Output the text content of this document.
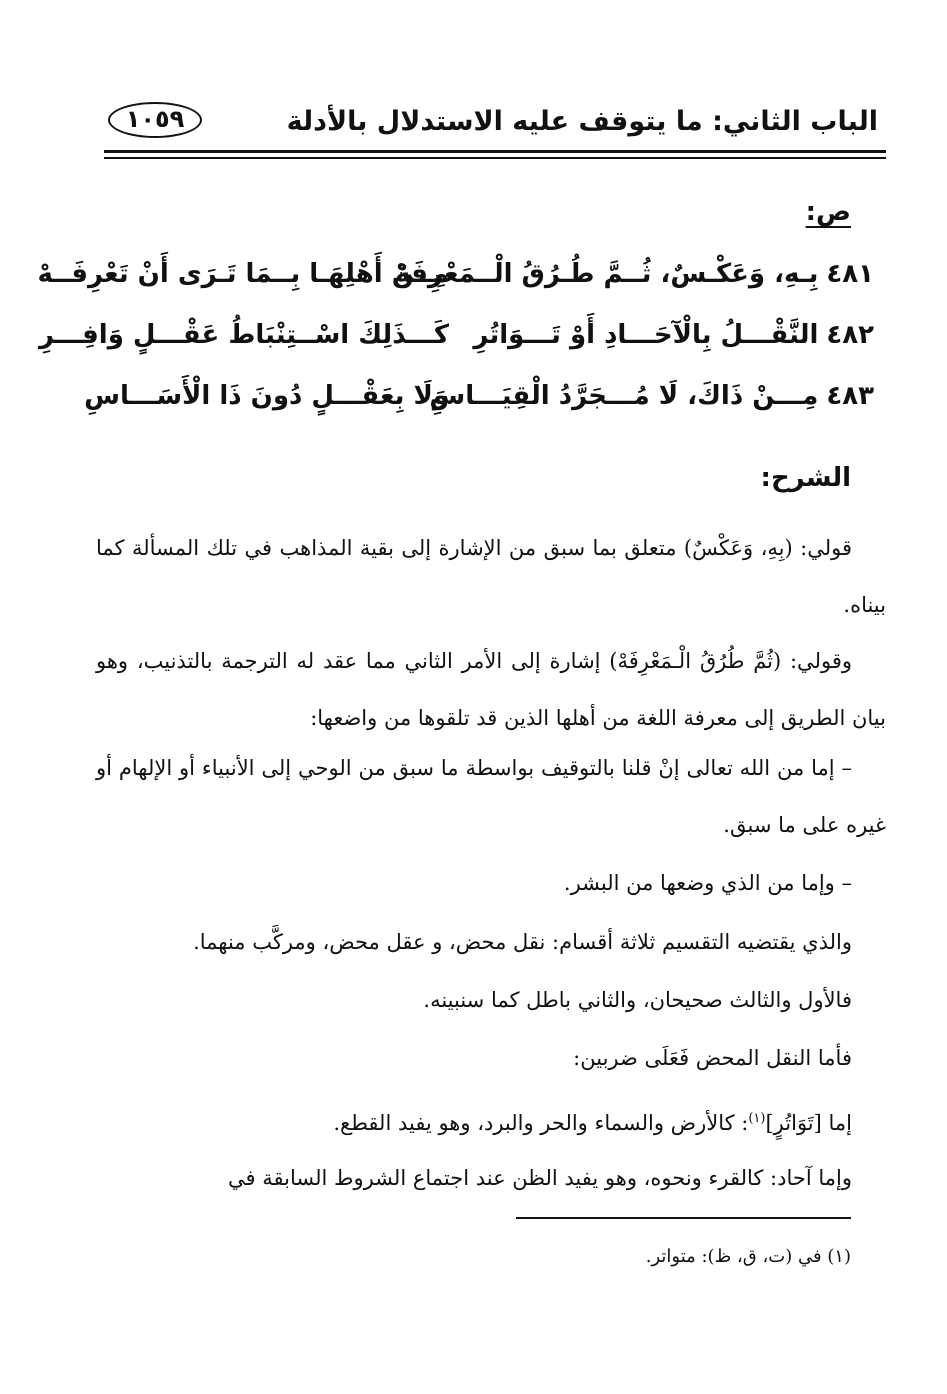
الباب الثاني: ما يتوقف عليه الاستدلال بالأدلة
١٠٥٩
ص:
٤٨١بِـهِ، وَعَكْـسٌ، ثُــمَّ طُـرُقُ الْــمَعْرِفَهْ
مِــنْ أَهْلِهَـا بِــمَا تَـرَى أَنْ تَعْرِفَــهْ
٤٨٢النَّقْـــلُ بِالْآحَـــادِ أَوْ تَـــوَاتُرِ
كَـــذَلِكَ اسْــتِنْبَاطُ عَقْـــلٍ وَافِـــرِ
٤٨٣مِـــنْ ذَاكَ، لَا مُـــجَرَّدُ الْقِيَـــاسِ
وَلَا بِعَقْـــلٍ دُونَ ذَا الْأَسَـــاسِ
الشرح:

قولي: (بِهِ، وَعَكْسٌ) متعلق بما سبق من الإشارة إلى بقية المذاهب في تلك المسألة كما بيناه.

وقولي: (ثُمَّ طُرُقُ الْـمَعْرِفَهْ) إشارة إلى الأمر الثاني مما عقد له الترجمة بالتذنيب، وهو بيان الطريق إلى معرفة اللغة من أهلها الذين قد تلقوها من واضعها:

– إما من الله تعالى إنْ قلنا بالتوقيف بواسطة ما سبق من الوحي إلى الأنبياء أو الإلهام أو غيره على ما سبق.

– وإما من الذي وضعها من البشر.

والذي يقتضيه التقسيم ثلاثة أقسام: نقل محض، و عقل محض، ومركَّب منهما.

فالأول والثالث صحيحان، والثاني باطل كما سنبينه.

فأما النقل المحض فَعَلَى ضربين:

إما [تَوَاتُرٍ]$^{(١)}$: كالأرض والسماء والحر والبرد، وهو يفيد القطع.

وإما آحاد: كالقرء ونحوه، وهو يفيد الظن عند اجتماع الشروط السابقة في

(١) في (ت، ق، ظ): متواتر.
